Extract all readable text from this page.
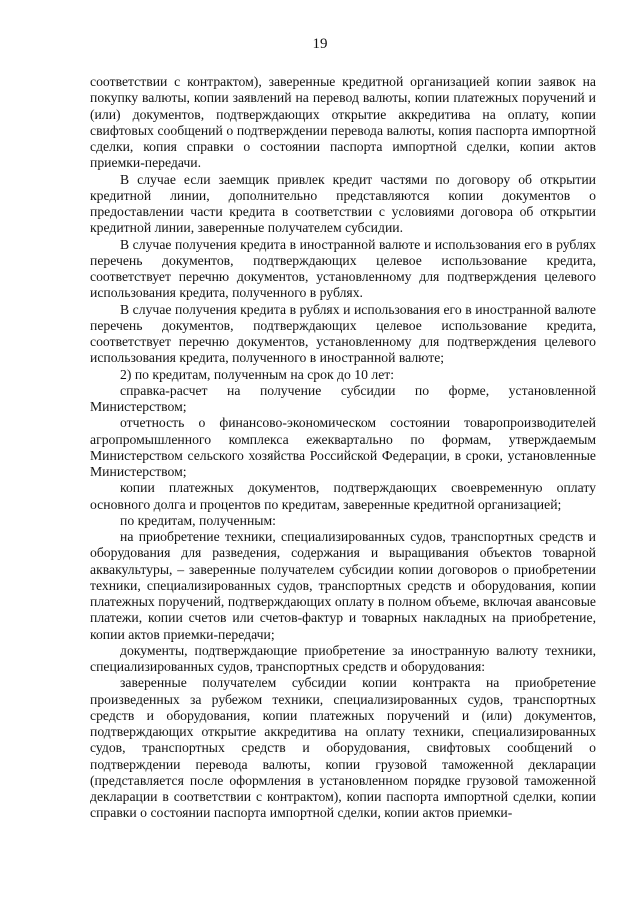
19

соответствии с контрактом), заверенные кредитной организацией копии заявок на покупку валюты, копии заявлений на перевод валюты, копии платежных поручений и (или) документов, подтверждающих открытие аккредитива на оплату, копии свифтовых сообщений о подтверждении перевода валюты, копия паспорта импортной сделки, копия справки о состоянии паспорта импортной сделки, копии актов приемки-передачи.

В случае если заемщик привлек кредит частями по договору об открытии кредитной линии, дополнительно представляются копии документов о предоставлении части кредита в соответствии с условиями договора об открытии кредитной линии, заверенные получателем субсидии.

В случае получения кредита в иностранной валюте и использования его в рублях перечень документов, подтверждающих целевое использование кредита, соответствует перечню документов, установленному для подтверждения целевого использования кредита, полученного в рублях.

В случае получения кредита в рублях и использования его в иностранной валюте перечень документов, подтверждающих целевое использование кредита, соответствует перечню документов, установленному для подтверждения целевого использования кредита, полученного в иностранной валюте;

2) по кредитам, полученным на срок до 10 лет:

справка-расчет на получение субсидии по форме, установленной Министерством;

отчетность о финансово-экономическом состоянии товаропроизводителей агропромышленного комплекса ежеквартально по формам, утверждаемым Министерством сельского хозяйства Российской Федерации, в сроки, установленные Министерством;

копии платежных документов, подтверждающих своевременную оплату основного долга и процентов по кредитам, заверенные кредитной организацией;

по кредитам, полученным:

на приобретение техники, специализированных судов, транспортных средств и оборудования для разведения, содержания и выращивания объектов товарной аквакультуры, – заверенные получателем субсидии копии договоров о приобретении техники, специализированных судов, транспортных средств и оборудования, копии платежных поручений, подтверждающих оплату в полном объеме, включая авансовые платежи, копии счетов или счетов-фактур и товарных накладных на приобретение, копии актов приемки-передачи;

документы, подтверждающие приобретение за иностранную валюту техники, специализированных судов, транспортных средств и оборудования:

заверенные получателем субсидии копии контракта на приобретение произведенных за рубежом техники, специализированных судов, транспортных средств и оборудования, копии платежных поручений и (или) документов, подтверждающих открытие аккредитива на оплату техники, специализированных судов, транспортных средств и оборудования, свифтовых сообщений о подтверждении перевода валюты, копии грузовой таможенной декларации (представляется после оформления в установленном порядке грузовой таможенной декларации в соответствии с контрактом), копии паспорта импортной сделки, копии справки о состоянии паспорта импортной сделки, копии актов приемки-
